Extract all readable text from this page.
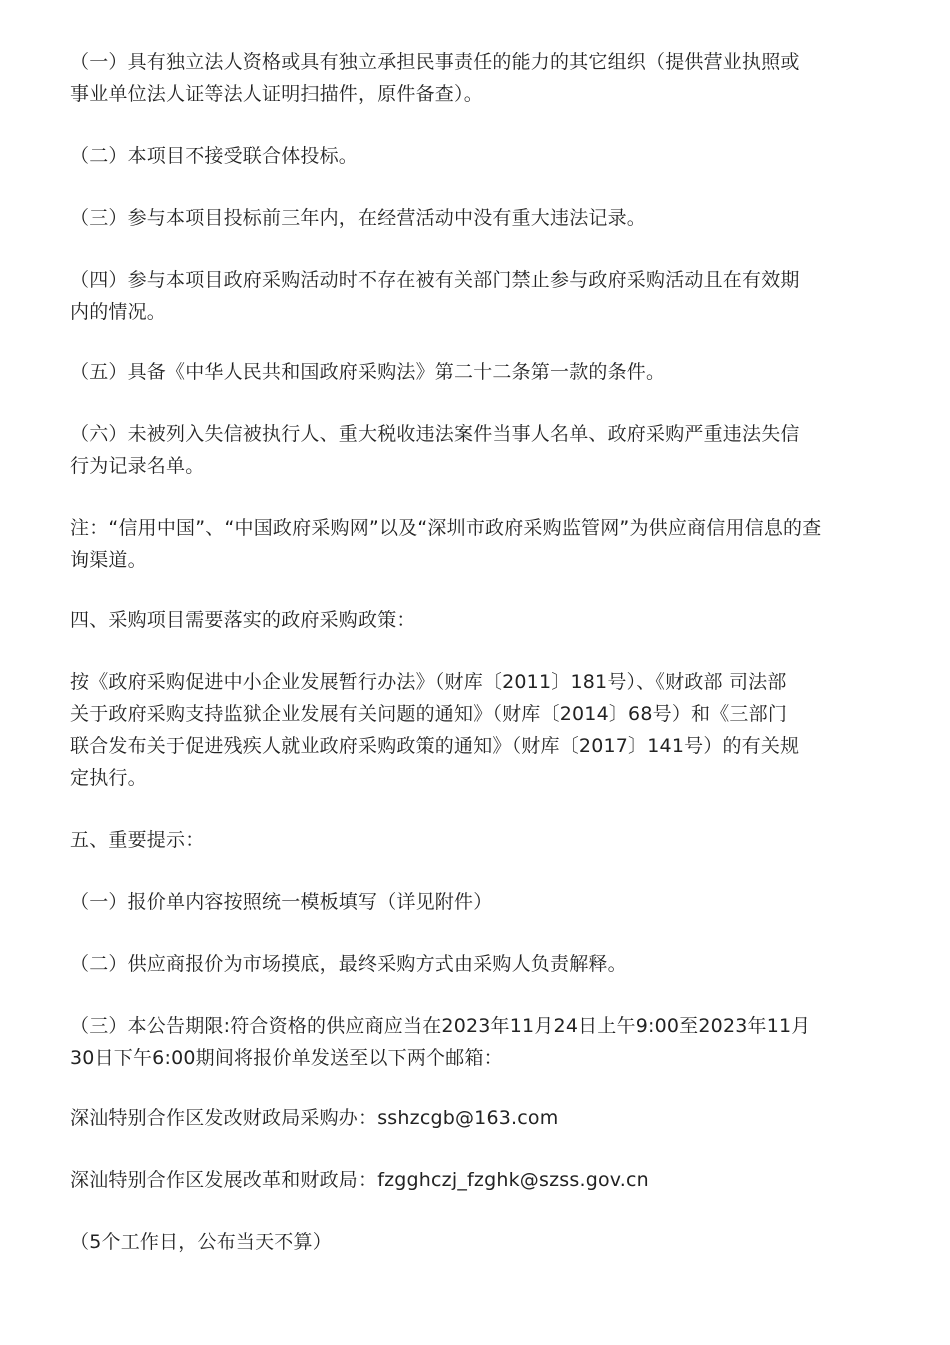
（一）具有独立法人资格或具有独立承担民事责任的能力的其它组织（提供营业执照或
事业单位法人证等法人证明扫描件，原件备查）。

（二）本项目不接受联合体投标。

（三）参与本项目投标前三年内，在经营活动中没有重大违法记录。

（四）参与本项目政府采购活动时不存在被有关部门禁止参与政府采购活动且在有效期
内的情况。

（五）具备《中华人民共和国政府采购法》第二十二条第一款的条件。

（六）未被列入失信被执行人、重大税收违法案件当事人名单、政府采购严重违法失信
行为记录名单。

注：“信用中国”、“中国政府采购网”以及“深圳市政府采购监管网”为供应商信用信息的查
询渠道。

四、采购项目需要落实的政府采购政策：

按《政府采购促进中小企业发展暂行办法》（财库〔2011〕181号）、《财政部 司法部
关于政府采购支持监狱企业发展有关问题的通知》（财库〔2014〕68号）和《三部门
联合发布关于促进残疾人就业政府采购政策的通知》（财库〔2017〕141号）的有关规
定执行。

五、重要提示：

（一）报价单内容按照统一模板填写（详见附件）

（二）供应商报价为市场摸底，最终采购方式由采购人负责解释。

（三）本公告期限:符合资格的供应商应当在2023年11月24日上午9:00至2023年11月
30日下午6:00期间将报价单发送至以下两个邮箱：

深汕特别合作区发改财政局采购办：sshzcgb@163.com

深汕特别合作区发展改革和财政局：fzgghczj_fzghk@szss.gov.cn

（5个工作日，公布当天不算）
